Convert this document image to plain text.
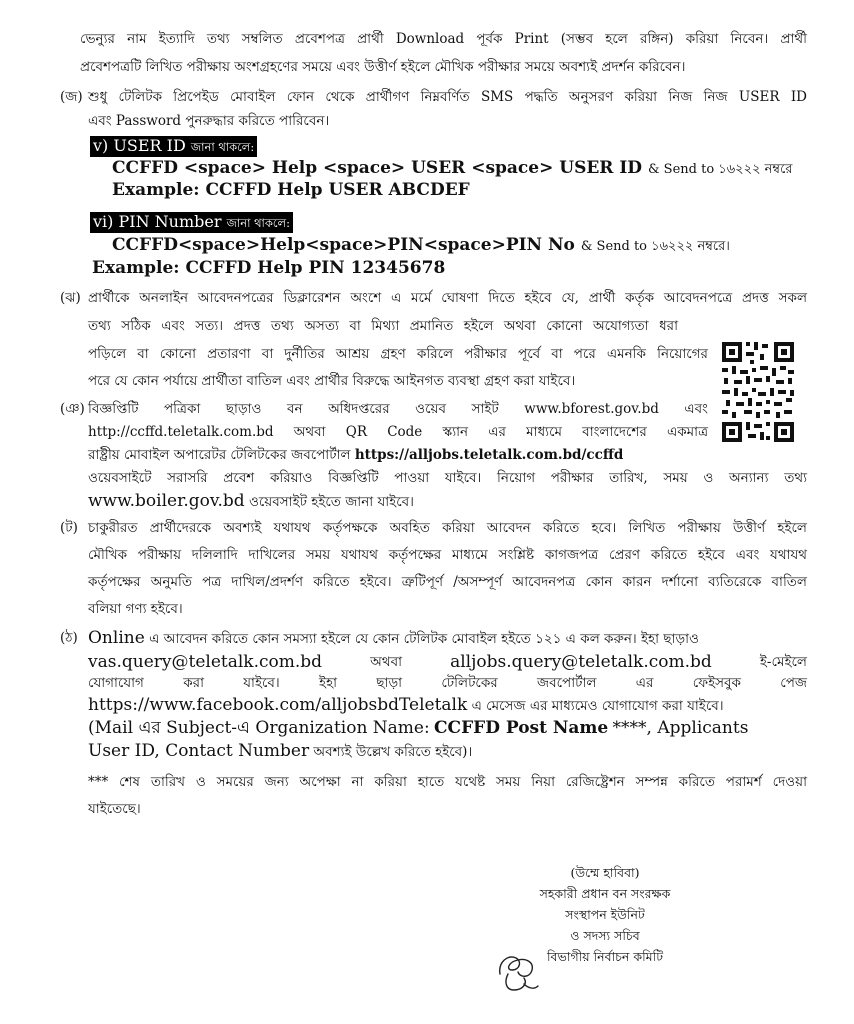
ভেন্যুর নাম ইত্যাদি তথ্য সম্বলিত প্রবেশপত্র প্রার্থী Download পূর্বক Print (সম্ভব হলে রঙ্গিন) করিয়া নিবেন। প্রার্থী

প্রবেশপত্রটি লিখিত পরীক্ষায় অংশগ্রহণের সময়ে এবং উত্তীর্ণ হইলে মৌখিক পরীক্ষার সময়ে অবশ্যই প্রদর্শন করিবেন।

(জ) শুধু টেলিটক প্রিপেইড মোবাইল ফোন থেকে প্রার্থীগণ নিম্নবর্ণিত SMS পদ্ধতি অনুসরণ করিয়া নিজ নিজ USER ID

এবং Password পুনরুদ্ধার করিতে পারিবেন।

v) USER ID জানা থাকলে:
CCFFD <space> Help <space> USER <space> USER ID & Send to ১৬২২২ নম্বরে
Example: CCFFD Help USER ABCDEF
vi) PIN Number জানা থাকলে:
CCFFD<space>Help<space>PIN<space>PIN No & Send to ১৬২২২ নম্বরে।
Example: CCFFD Help PIN 12345678
(ঝ) প্রার্থীকে অনলাইন আবেদনপত্রের ডিক্লারেশন অংশে এ মর্মে ঘোষণা দিতে হইবে যে, প্রার্থী কর্তৃক আবেদনপত্রে প্রদত্ত সকল

তথ্য সঠিক এবং সত্য। প্রদত্ত তথ্য অসত্য বা মিথ্যা প্রমানিত হইলে অথবা কোনো অযোগ্যতা ধরা

পড়িলে বা কোনো প্রতারণা বা দুর্নীতির আশ্রয় গ্রহণ করিলে পরীক্ষার পূর্বে বা পরে এমনকি নিয়োগের

পরে যে কোন পর্যায়ে প্রার্থীতা বাতিল এবং প্রার্থীর বিরুদ্ধে আইনগত ব্যবস্থা গ্রহণ করা যাইবে।

(ঞ) বিজ্ঞপ্তিটি পত্রিকা ছাড়াও বন অধিদপ্তরের ওয়েব সাইট www.bforest.gov.bd এবং

http://ccffd.teletalk.com.bd অথবা QR Code স্ক্যান এর মাধ্যমে বাংলাদেশের একমাত্র

রাষ্ট্রীয় মোবাইল অপারেটর টেলিটকের জবপোর্টাল https://alljobs.teletalk.com.bd/ccffd

ওয়েবসাইটে সরাসরি প্রবেশ করিয়াও বিজ্ঞপ্তিটি পাওয়া যাইবে। নিয়োগ পরীক্ষার তারিখ, সময় ও অন্যান্য তথ্য

www.boiler.gov.bd ওয়েবসাইট হইতে জানা যাইবে।

(ট) চাকুরীরত প্রার্থীদেরকে অবশ্যই যথাযথ কর্তৃপক্ষকে অবহিত করিয়া আবেদন করিতে হবে। লিখিত পরীক্ষায় উত্তীর্ণ হইলে

মৌখিক পরীক্ষায় দলিলাদি দাখিলের সময় যথাযথ কর্তৃপক্ষের মাধ্যমে সংশ্লিষ্ট কাগজপত্র প্রেরণ করিতে হইবে এবং যথাযথ

কর্তৃপক্ষের অনুমতি পত্র দাখিল/প্রদর্শণ করিতে হইবে। ত্রুটিপূর্ণ /অসম্পূর্ণ আবেদনপত্র কোন কারন দর্শানো ব্যতিরেকে বাতিল

বলিয়া গণ্য হইবে।

(ঠ) Online এ আবেদন করিতে কোন সমস্যা হইলে যে কোন টেলিটক মোবাইল হইতে ১২১ এ কল করুন। ইহা ছাড়াও

vas.query@teletalk.com.bd	অথবা	alljobs.query@teletalk.com.bd	ই-মেইলে

যোগাযোগ করা যাইবে। ইহা ছাড়া টেলিটকের জবপোর্টাল এর ফেইসবুক পেজ

https://www.facebook.com/alljobsbdTeletalk এ মেসেজ এর মাধ্যমেও যোগাযোগ করা যাইবে।

(Mail এর Subject-এ Organization Name: CCFFD Post Name ****, Applicants

User ID, Contact Number অবশ্যই উল্লেখ করিতে হইবে)।

*** শেষ তারিখ ও সময়ের জন্য অপেক্ষা না করিয়া হাতে যথেষ্ট সময় নিয়া রেজিষ্ট্রেশন সম্পন্ন করিতে পরামর্শ দেওয়া

যাইতেছে।

(উম্মে হাবিবা)
সহকারী প্রধান বন সংরক্ষক
সংস্থাপন ইউনিট
ও সদস্য সচিব
বিভাগীয় নির্বাচন কমিটি
